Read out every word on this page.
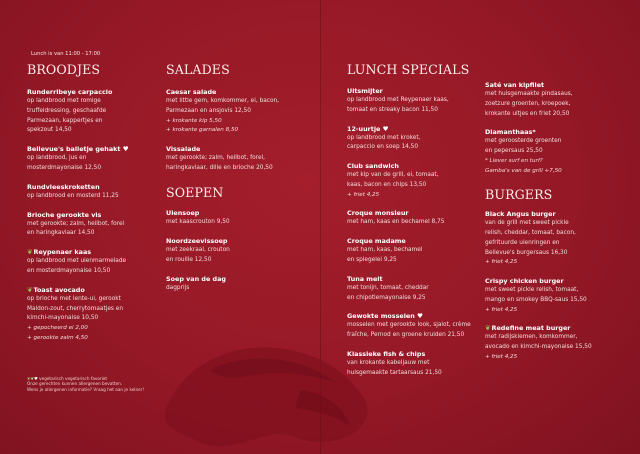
Lunch is van 11:00 - 17:00
BROODJES
Runderribeye carpaccio
op landbrood met romige
truffeldressing, geschaafde
Parmezaan, kappertjes en
spekzout 14,50
Bellevue's balletje gehakt ♥
op landbrood, jus en
mosterdmayonaise 12,50
Rundvleeskroketten
op landbrood en mosterd 11,25
Brioche gerookte vis
met gerookte; zalm, heilbot, forel
en haringkaviaar 14,50
❦Reypenaer kaas
op landbrood met uienmarmelade
en mosterdmayonaise 10,50
❦Toast avocado
op brioche met lente-ui, gerookt
Maldon-zout, cherrytomaatjes en
kimchi-mayonaise 10,50
+ gepocheerd ei 2,00
+ gerookte zalm 4,50
❦❦♥ vegetarisch vegetarisch favoriet
Onze gerechten kunnen allergenen bevatten.
Wens je allergenen informatie? Vraag het aan je kelner!
SALADES
Caesar salade
met little gem, komkommer, ei, bacon,
Parmezaan en ansjovis 12,50
+ krokante kip 5,50
+ krokante garnalen 8,50
Vissalade
met gerookte; zalm, heilbot, forel,
haringkaviaar, dille en brioche 20,50
SOEPEN
Uiensoep
met kaascrouton 9,50
Noordzeevissoep
met zeekraal, crouton
en rouille 12,50
Soep van de dag
dagprijs
LUNCH SPECIALS
Uitsmijter
op landbrood met Reypenaer kaas,
tomaat en streaky bacon 11,50
12-uurtje ♥
op landbrood met kroket,
carpaccio en soep 14,50
Club sandwich
met kip van de grill, ei, tomaat,
kaas, bacon en chips 13,50
+ friet 4,25
Croque monsieur
met ham, kaas en bechamel 8,75
Croque madame
met ham, kaas, bechamel
en spiegelei 9,25
Tuna melt
met tonijn, tomaat, cheddar
en chipotlemayonaise 9,25
Gewokte mosselen ♥
mosselen met gerookte look, sjalot, crème
fraîche, Pernod en groene kruiden 21,50
Klassieke fish & chips
van krokante kabeljauw met
huisgemaakte tartaarsaus 21,50
Saté van kipfilet
met huisgemaakte pindasaus,
zoetzure groenten, kroepoek,
krokante uitjes en friet 20,50
Diamanthaas*
met geroosterde groenten
en pepersaus 25,50
* Liever surf en turf?
Gamba's van de grill +7,50
BURGERS
Black Angus burger
van de grill met sweet pickle
relish, cheddar, tomaat, bacon,
gefrituurde uienringen en
Bellevue's burgersaus 16,30
+ friet 4,25
Crispy chicken burger
met sweet pickle relish, tomaat,
mango en smokey BBQ-saus 15,50
+ friet 4,25
❦Redefine meat burger
met radijskiemen, komkommer,
avocado en kimchi-mayonaise 15,50
+ friet 4,25
